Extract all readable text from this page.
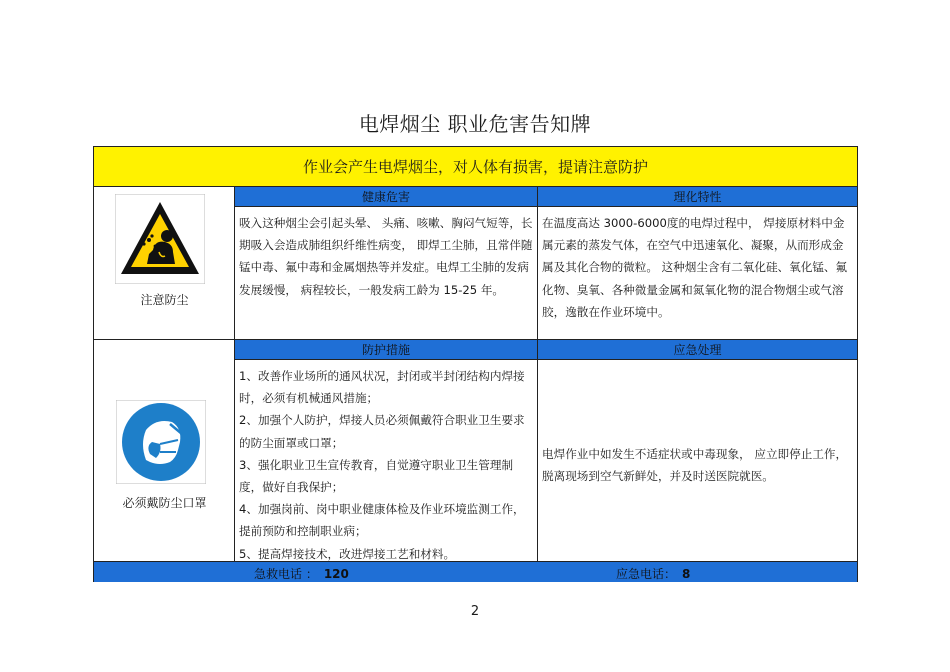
电焊烟尘 职业危害告知牌
作业会产生电焊烟尘，对人体有损害，提请注意防护
注意防尘
健康危害
吸入这种烟尘会引起头晕、 头痛、咳嗽、胸闷气短等，长期吸入会造成肺组织纤维性病变， 即焊工尘肺，且常伴随锰中毒、氟中毒和金属烟热等并发症。电焊工尘肺的发病发展缓慢， 病程较长，一般发病工龄为 15-25 年。
理化特性
在温度高达 3000-6000度的电焊过程中， 焊接原材料中金属元素的蒸发气体，在空气中迅速氧化、凝聚，从而形成金属及其化合物的微粒。 这种烟尘含有二氧化硅、氧化锰、氟化物、臭氧、各种微量金属和氮氧化物的混合物烟尘或气溶胶，逸散在作业环境中。
必须戴防尘口罩
防护措施
1、改善作业场所的通风状况，封闭或半封闭结构内焊接时，必须有机械通风措施；
2、加强个人防护，焊接人员必须佩戴符合职业卫生要求的防尘面罩或口罩；
3、强化职业卫生宣传教育，自觉遵守职业卫生管理制度，做好自我保护；
4、加强岗前、岗中职业健康体检及作业环境监测工作，提前预防和控制职业病；
5、提高焊接技术，改进焊接工艺和材料。
应急处理
电焊作业中如发生不适症状或中毒现象， 应立即停止工作，脱离现场到空气新鲜处，并及时送医院就医。
急救电话 ： 120	应急电话： 8
2
